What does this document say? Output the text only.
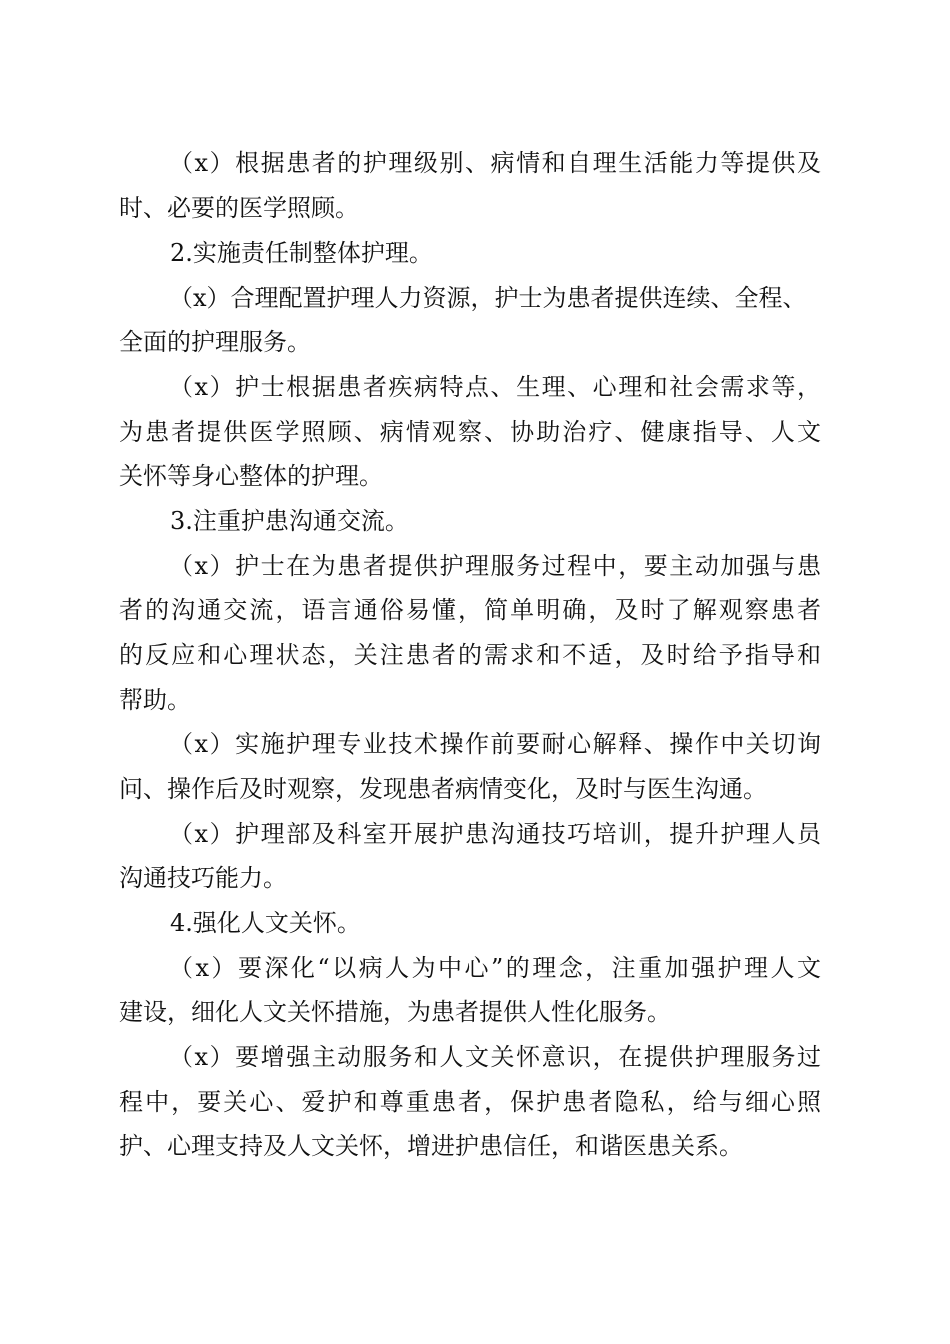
（x）根据患者的护理级别、病情和自理生活能力等提供及

时、必要的医学照顾。

2.实施责任制整体护理。

（x）合理配置护理人力资源，护士为患者提供连续、全程、

全面的护理服务。

（x）护士根据患者疾病特点、生理、心理和社会需求等，

为患者提供医学照顾、病情观察、协助治疗、健康指导、人文

关怀等身心整体的护理。

3.注重护患沟通交流。

（x）护士在为患者提供护理服务过程中，要主动加强与患

者的沟通交流，语言通俗易懂，简单明确，及时了解观察患者

的反应和心理状态，关注患者的需求和不适，及时给予指导和

帮助。

（x）实施护理专业技术操作前要耐心解释、操作中关切询

问、操作后及时观察，发现患者病情变化，及时与医生沟通。

（x）护理部及科室开展护患沟通技巧培训，提升护理人员

沟通技巧能力。

4.强化人文关怀。

（x）要深化“以病人为中心”的理念，注重加强护理人文

建设，细化人文关怀措施，为患者提供人性化服务。

（x）要增强主动服务和人文关怀意识，在提供护理服务过

程中，要关心、爱护和尊重患者，保护患者隐私，给与细心照

护、心理支持及人文关怀，增进护患信任，和谐医患关系。
